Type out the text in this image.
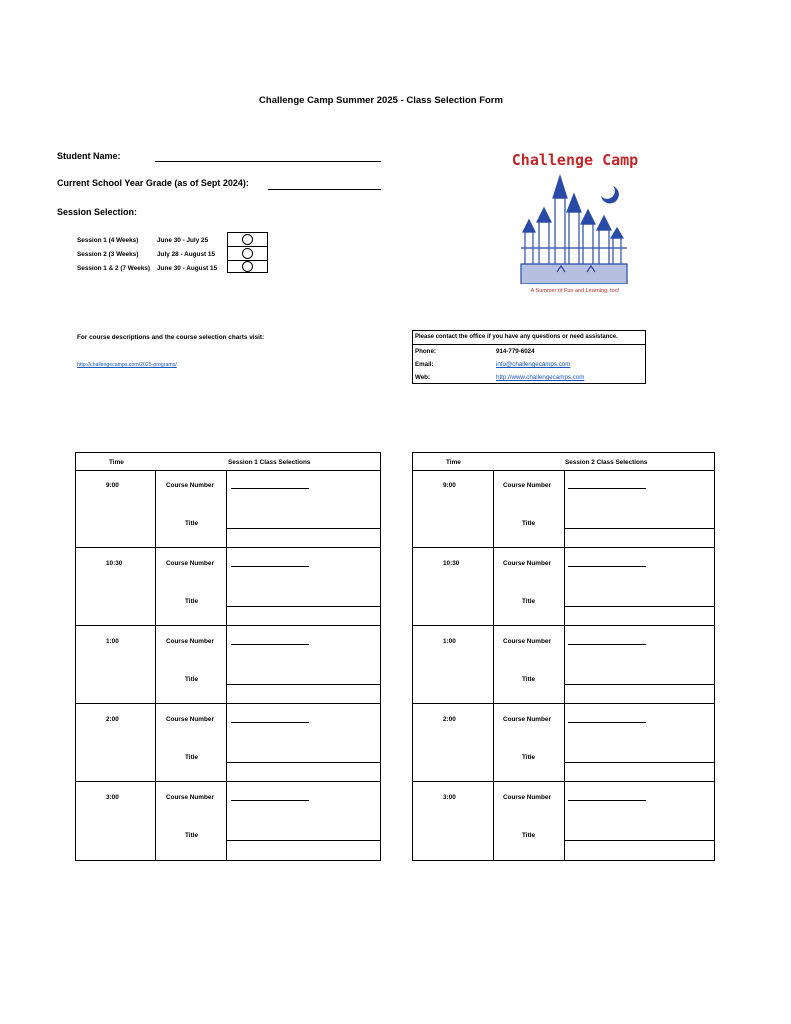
Challenge Camp Summer 2025 - Class Selection Form
Student Name:
Current School Year Grade (as of Sept 2024):
Session Selection:
Session 1 (4 Weeks)	June 30 - July 25
Session 2 (3 Weeks)	July 28 - August 15
Session 1 & 2 (7 Weeks) June 30 - August 15
Challenge Camp
A Summer of Fun and Learning, too!
For course descriptions and the course selection charts visit:
http://challengecamps.com/2025-programs/
Please contact the office if you have any questions or need assistance.
Phone:	914-779-6024
Email:	info@challengecamps.com
Web:	http://www.challengecamps.com
Time	Session 1 Class Selections
9:00	Course Number
Title
10:30	Course Number
Title
1:00	Course Number
Title
2:00	Course Number
Title
3:00	Course Number
Title
Time	Session 2 Class Selections
9:00	Course Number
Title
10:30	Course Number
Title
1:00	Course Number
Title
2:00	Course Number
Title
3:00	Course Number
Title
